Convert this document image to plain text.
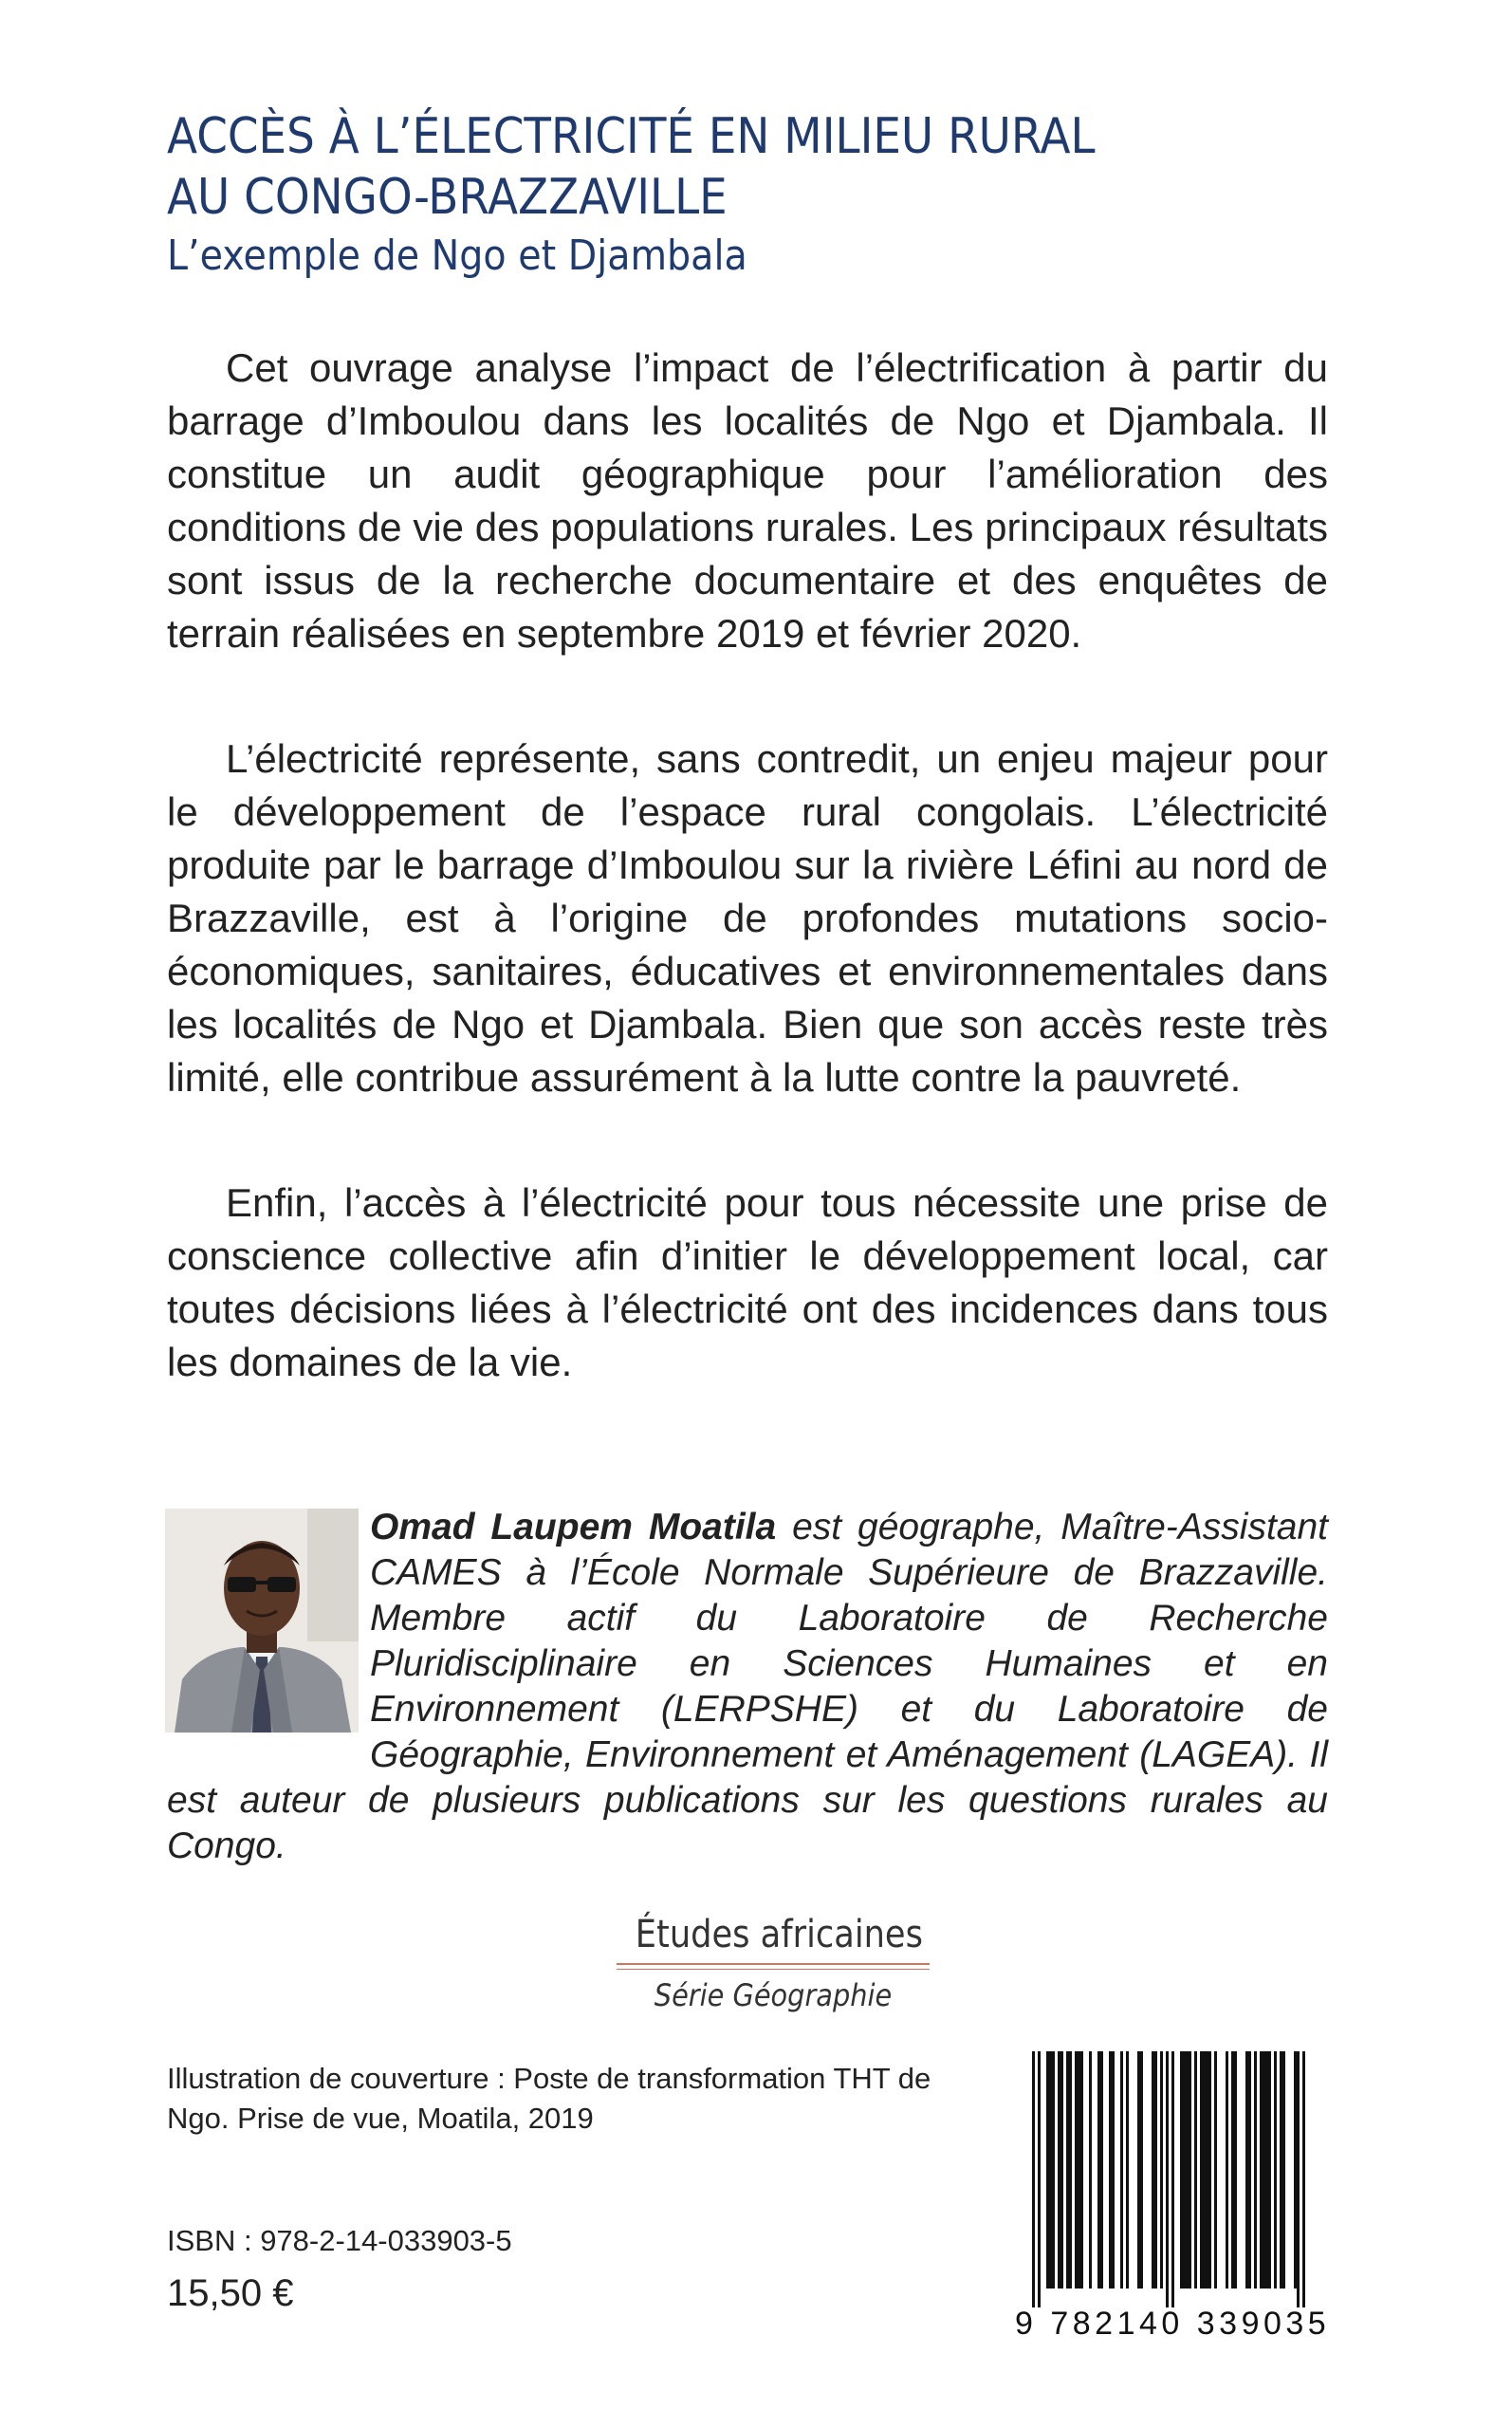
ACCÈS À L’ÉLECTRICITÉ EN MILIEU RURAL
AU CONGO-BRAZZAVILLE
L’exemple de Ngo et Djambala

Cet ouvrage analyse l’impact de l’électrification à partir du barrage d’Imboulou dans les localités de Ngo et Djambala. Il constitue un audit géographique pour l’amélioration des conditions de vie des populations rurales. Les principaux résultats sont issus de la recherche documentaire et des enquêtes de terrain réalisées en septembre 2019 et février 2020.

L’électricité représente, sans contredit, un enjeu majeur pour le développement de l’espace rural congolais. L’électricité produite par le barrage d’Imboulou sur la rivière Léfini au nord de Brazzaville, est à l’origine de profondes mutations socio-économiques, sanitaires, éducatives et environnementales dans les localités de Ngo et Djambala. Bien que son accès reste très limité, elle contribue assurément à la lutte contre la pauvreté.

Enfin, l’accès à l’électricité pour tous nécessite une prise de conscience collective afin d’initier le développement local, car toutes décisions liées à l’électricité ont des incidences dans tous les domaines de la vie.

Omad Laupem Moatila est géographe, Maître-Assistant CAMES à l’École Normale Supérieure de Brazzaville. Membre actif du Laboratoire de Recherche Pluridisciplinaire en Sciences Humaines et en Environnement (LERPSHE) et du Laboratoire de Géographie, Environnement et Aménagement (LAGEA). Il est auteur de plusieurs publications sur les questions rurales au Congo.
Études africaines
Série Géographie
Illustration de couverture : Poste de transformation THT de Ngo. Prise de vue, Moatila, 2019
ISBN : 978-2-14-033903-5
15,50 €
9 782140 339035
